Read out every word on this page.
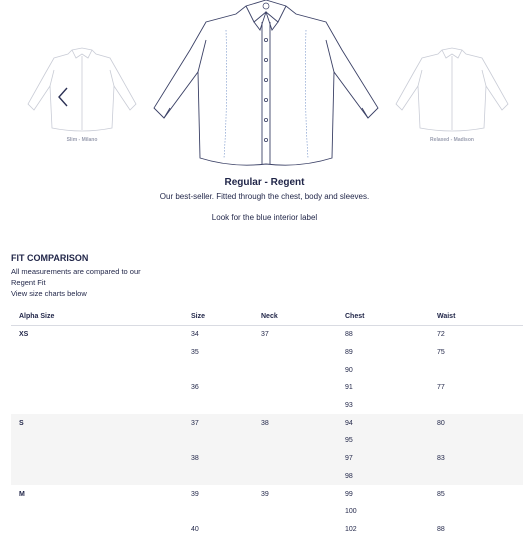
Slim - Milano	Relaxed - Madison
Regular - Regent
Our best-seller. Fitted through the chest, body and sleeves.
Look for the blue interior label
FIT COMPARISON
All measurements are compared to our
Regent Fit
View size charts below
Alpha Size	Size	Neck	Chest	Waist
XS	34	37	88	72
	35		89	75
			90	
	36		91	77
			93	
S	37	38	94	80
			95	
	38		97	83
			98	
M	39	39	99	85
			100	
	40		102	88
